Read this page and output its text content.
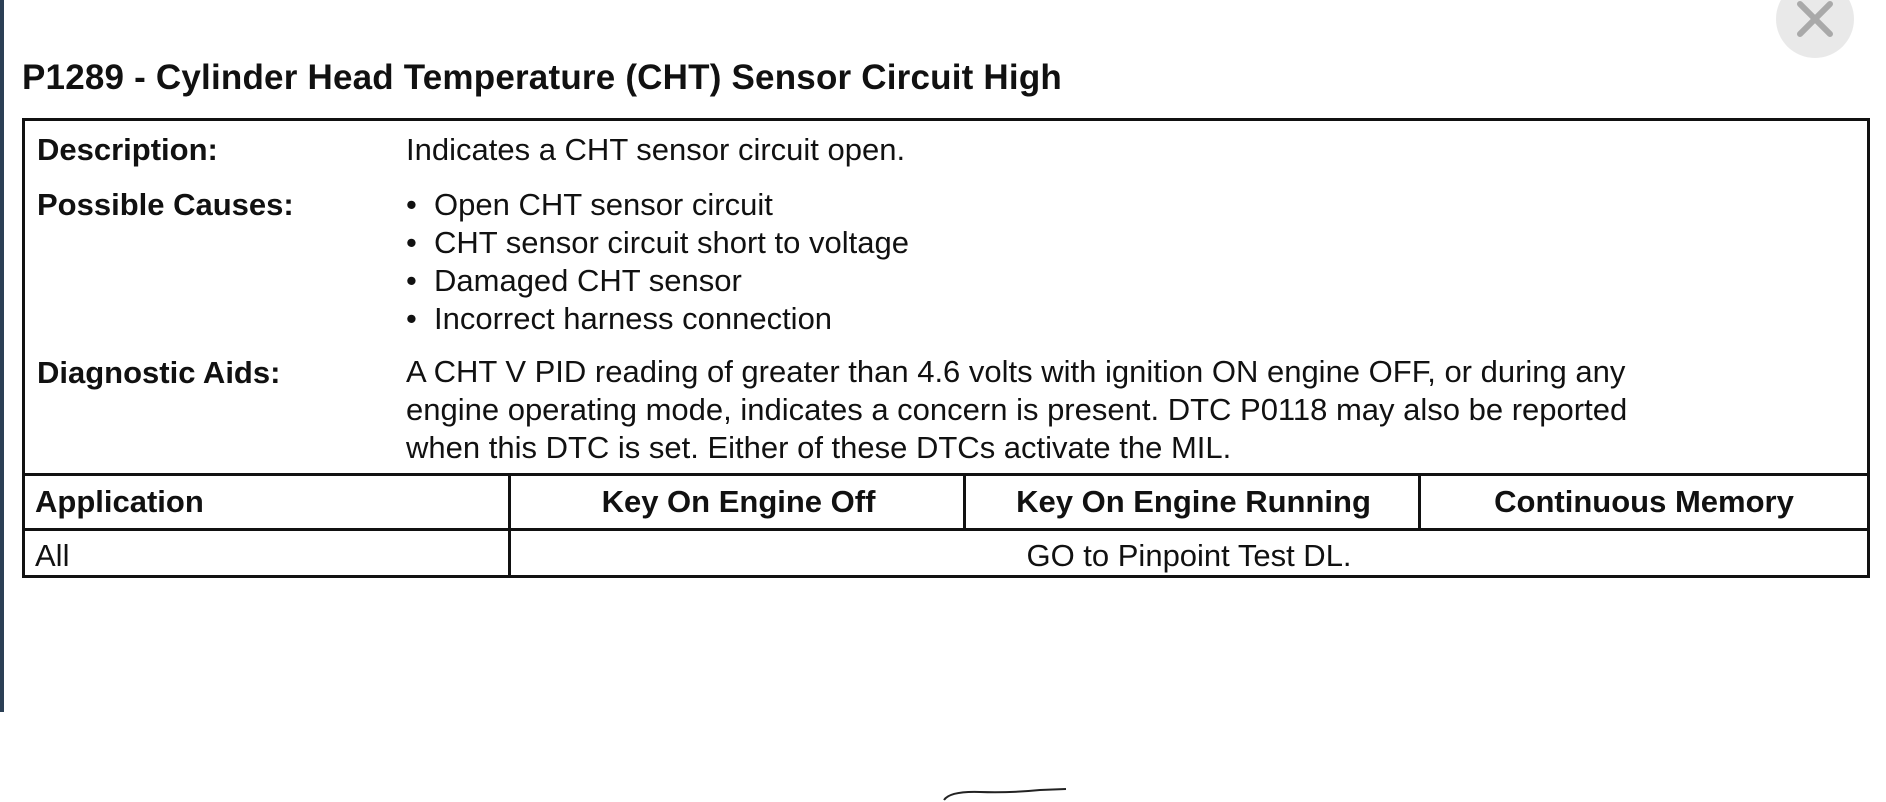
P1289 - Cylinder Head Temperature (CHT) Sensor Circuit High
Description:	Indicates a CHT sensor circuit open.
Possible Causes:	• Open CHT sensor circuit
• CHT sensor circuit short to voltage
• Damaged CHT sensor
• Incorrect harness connection
Diagnostic Aids:	A CHT V PID reading of greater than 4.6 volts with ignition ON engine OFF, or during any
engine operating mode, indicates a concern is present. DTC P0118 may also be reported
when this DTC is set. Either of these DTCs activate the MIL.
Application	Key On Engine Off	Key On Engine Running	Continuous Memory
All	GO to Pinpoint Test DL.
